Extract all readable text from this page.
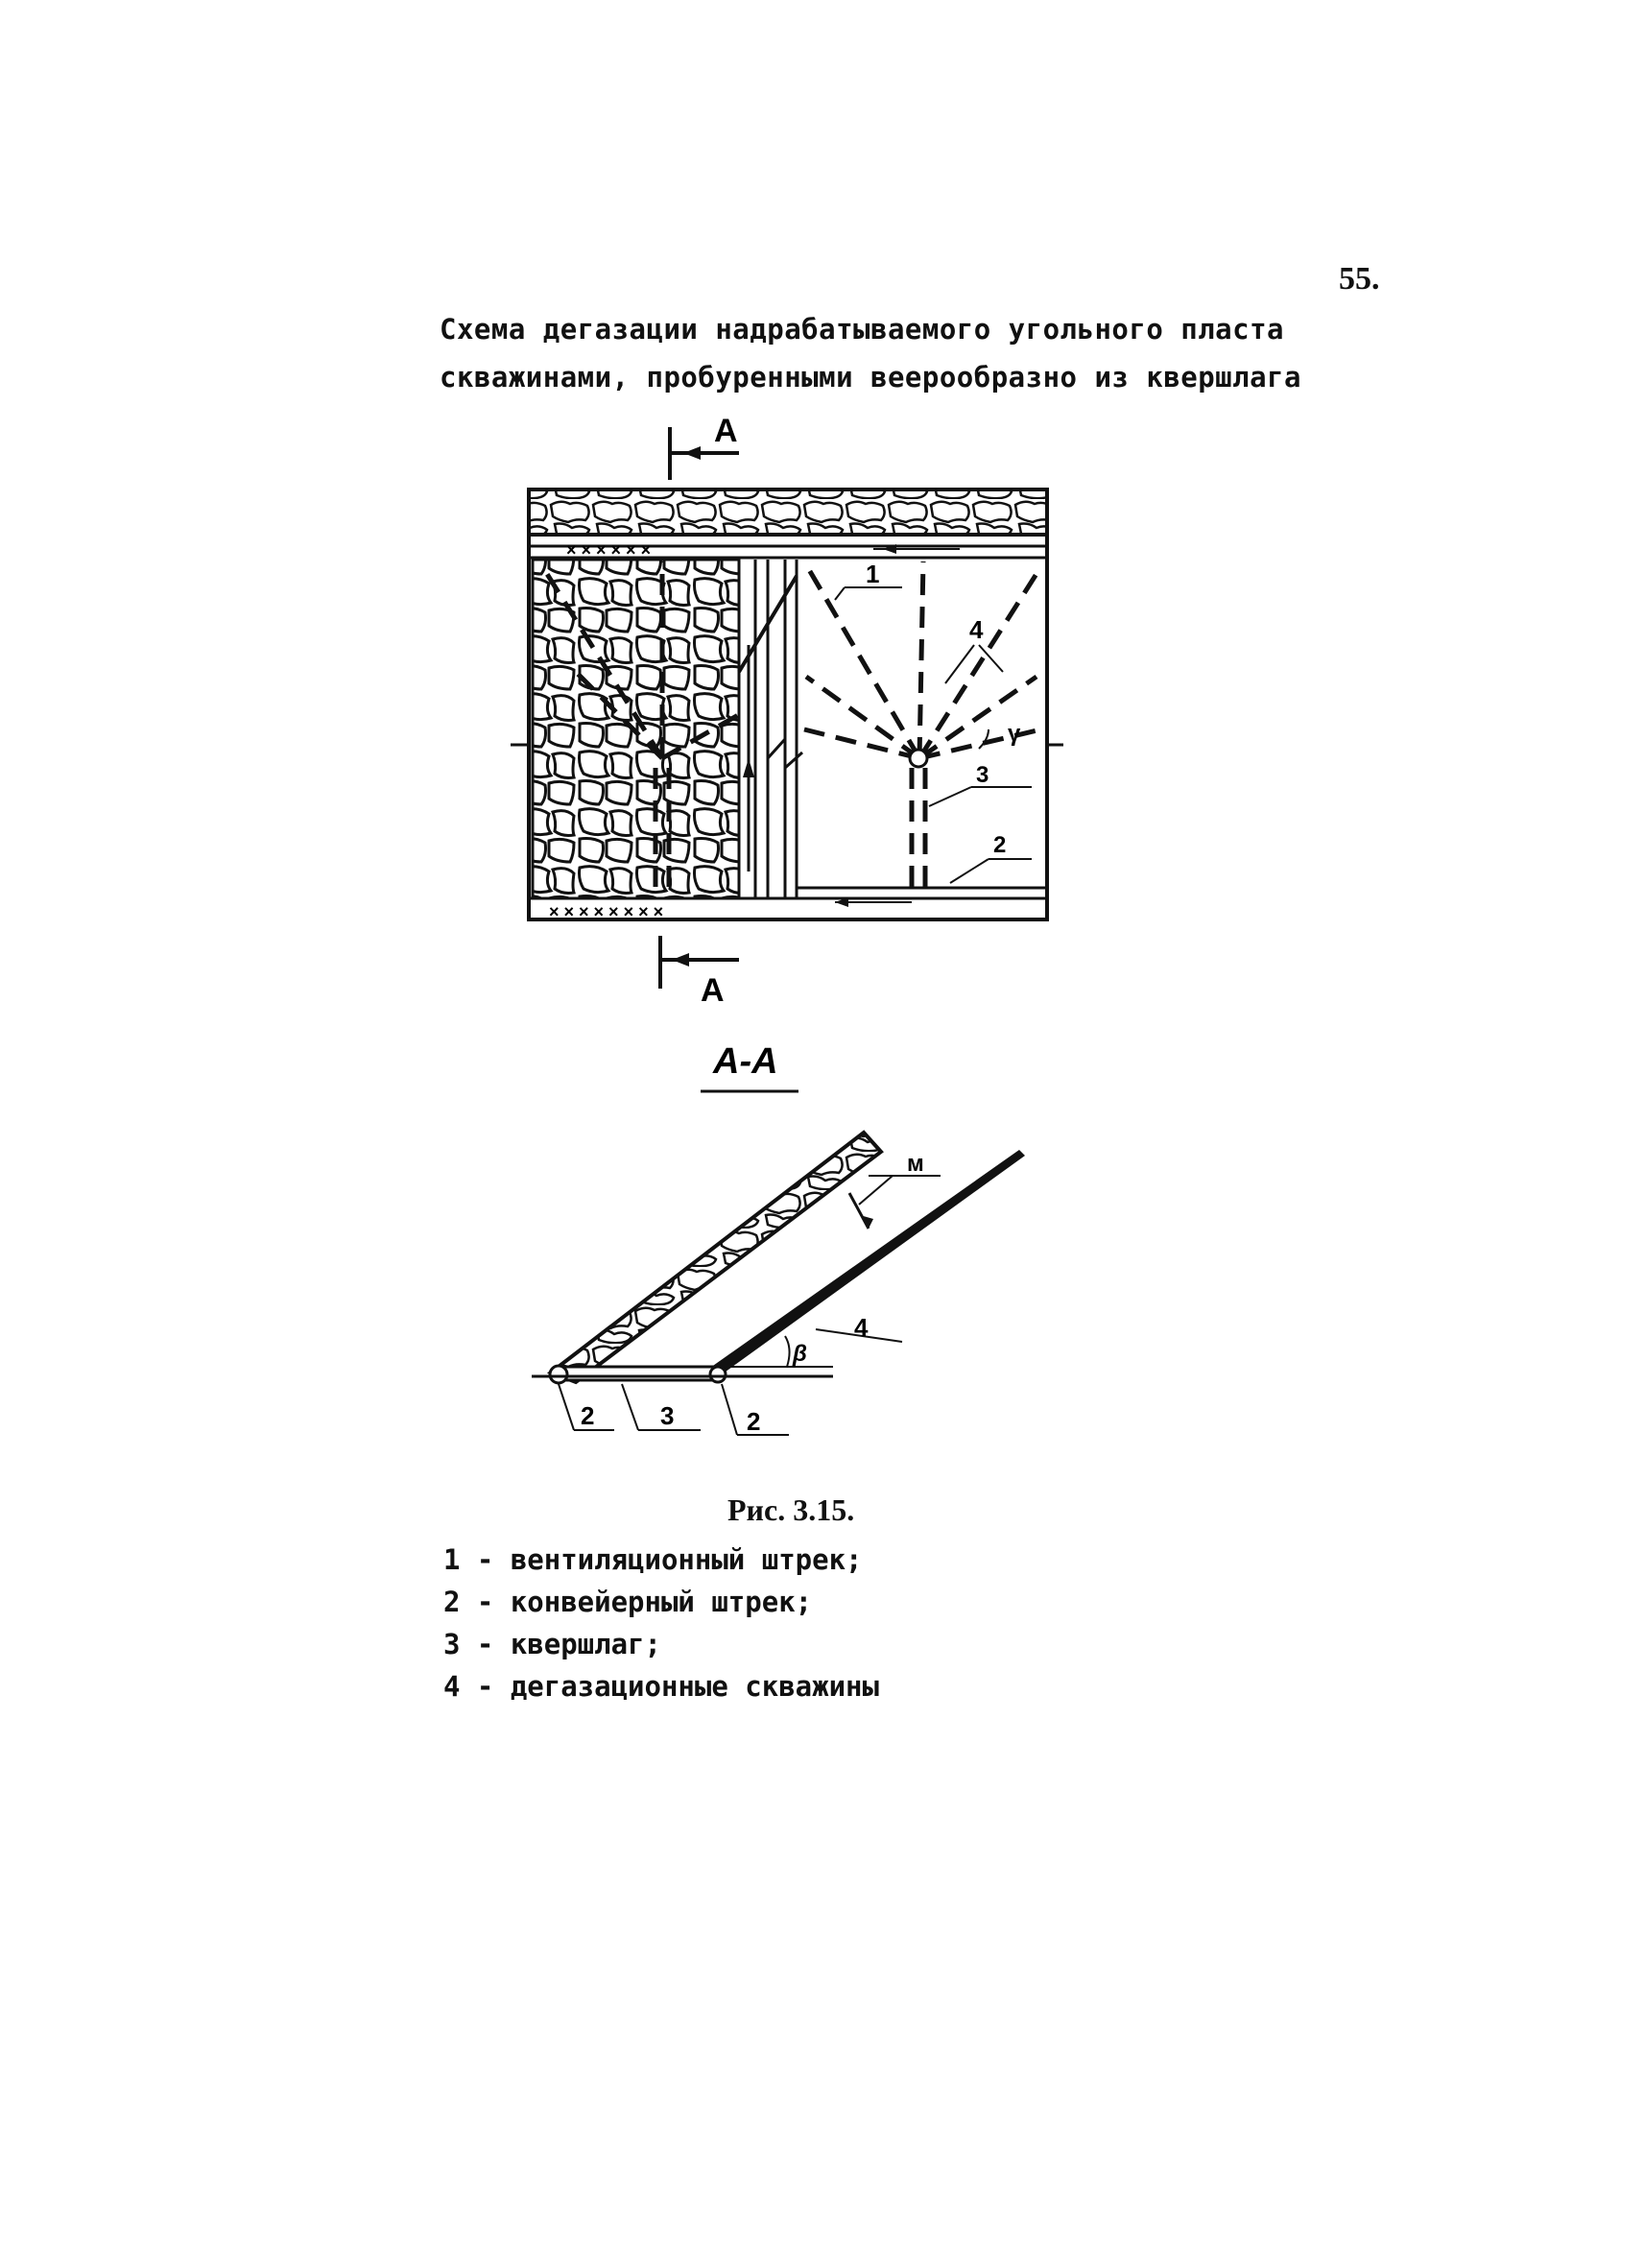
55.
Схема дегазации надрабатываемого угольного пласта
скважинами, пробуренными веерообразно из квершлага
A
× × × × × ×
× × × × × × × ×
1
4
γ
3
2
A
A-A
м
4
β
2	3	2
Рис. 3.15.
1 - вентиляционный штрек;
2 - конвейерный штрек;
3 - квершлаг;
4 - дегазационные скважины
